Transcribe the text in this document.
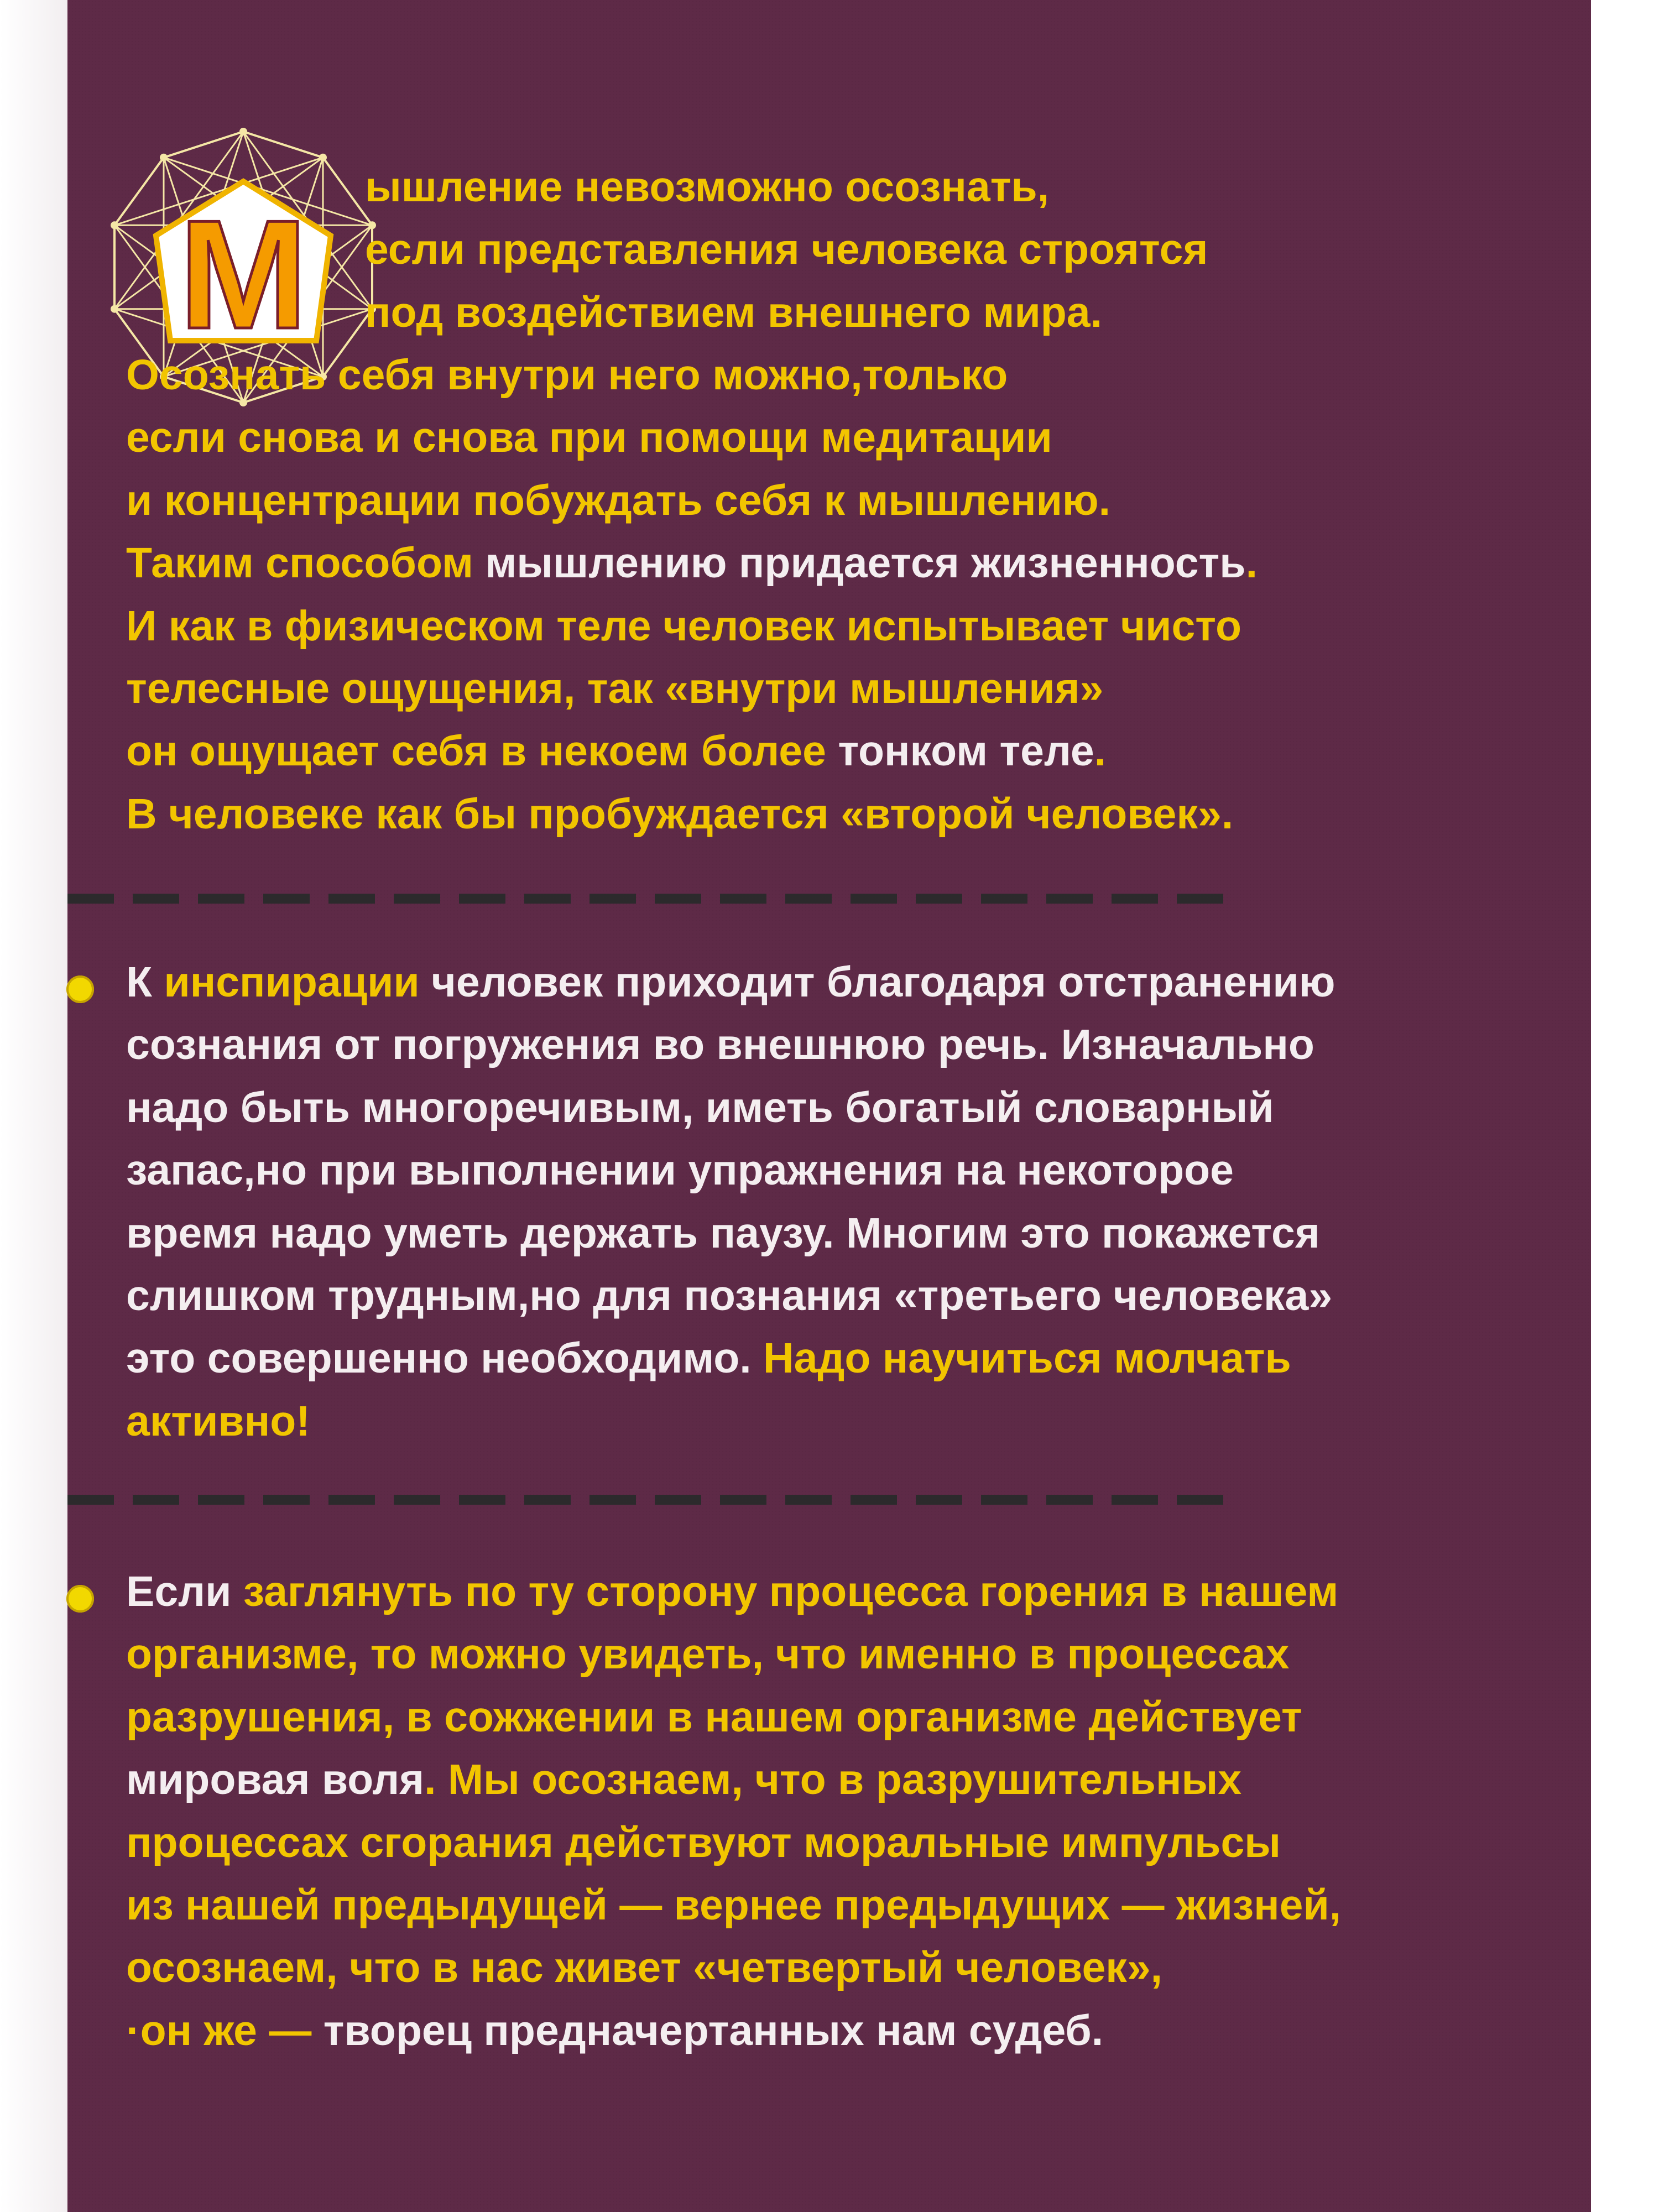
М
ышление невозможно осознать,
если представления человека строятся
под воздействием внешнего мира.
Осознать себя внутри него можно,только
если снова и снова при помощи медитации
и концентрации побуждать себя к мышлению.
Таким способом мышлению придается жизненность.
И как в физическом теле человек испытывает чисто
телесные ощущения, так «внутри мышления»
он ощущает себя в некоем более тонком теле.
В человеке как бы пробуждается «второй человек».
К инспирации человек приходит благодаря отстранению
сознания от погружения во внешнюю речь. Изначально
надо быть многоречивым, иметь богатый словарный
запас,но при выполнении упражнения на некоторое
время надо уметь держать паузу. Многим это покажется
слишком трудным,но для познания «третьего человека»
это совершенно необходимо. Надо научиться молчать
активно!
Если заглянуть по ту сторону процесса горения в нашем
организме, то можно увидеть, что именно в процессах
разрушения, в сожжении в нашем организме действует
мировая воля. Мы осознаем, что в разрушительных
процессах сгорания действуют моральные импульсы
из нашей предыдущей — вернее предыдущих — жизней,
осознаем, что в нас живет «четвертый человек»,
·он же — творец предначертанных нам судеб.
